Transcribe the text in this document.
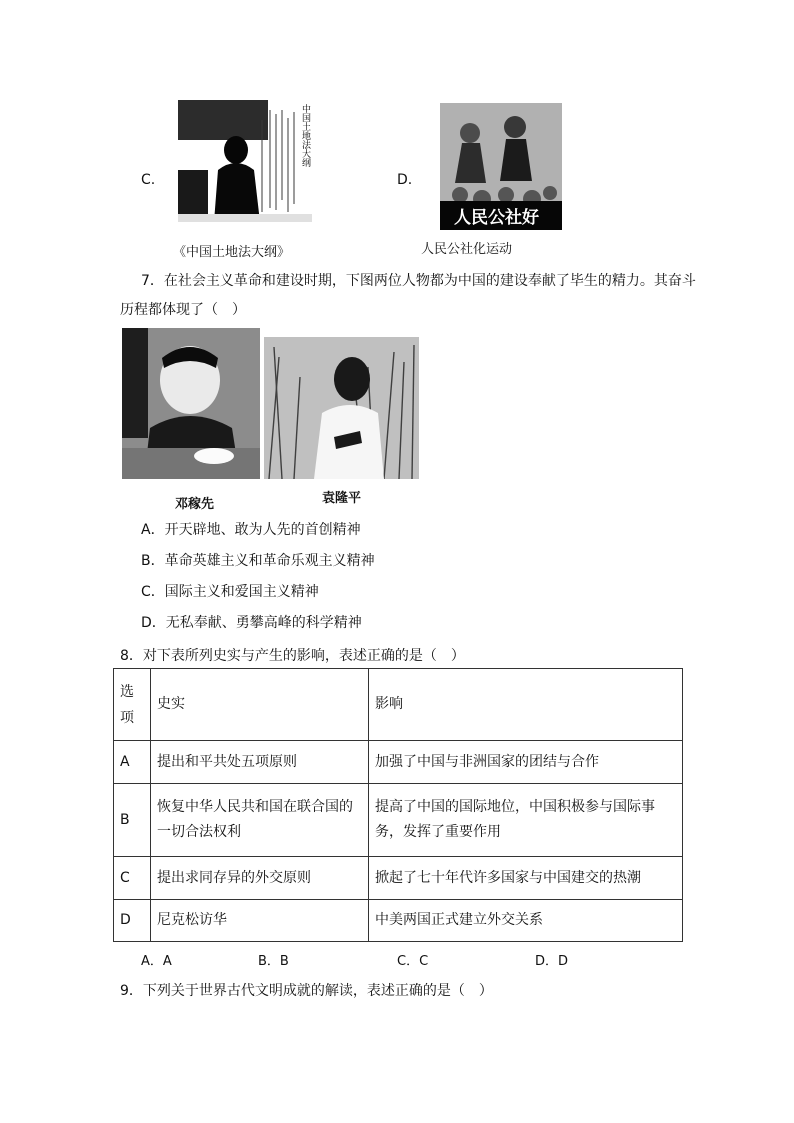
C.
中国土地法大纲
《中国土地法大纲》
D.
人民公社好
人民公社化运动
7．在社会主义革命和建设时期，下图两位人物都为中国的建设奉献了毕生的精力。其奋斗
历程都体现了（　）
邓稼先	袁隆平
A．开天辟地、敢为人先的首创精神
B．革命英雄主义和革命乐观主义精神
C．国际主义和爱国主义精神
D．无私奉献、勇攀高峰的科学精神
8．对下表所列史实与产生的影响，表述正确的是（　）
选项	史实	影响
A	提出和平共处五项原则	加强了中国与非洲国家的团结与合作
B	恢复中华人民共和国在联合国的一切合法权利	提高了中国的国际地位，中国积极参与国际事务，发挥了重要作用
C	提出求同存异的外交原则	掀起了七十年代许多国家与中国建交的热潮
D	尼克松访华	中美两国正式建立外交关系
A．A	B．B	C．C	D．D
9．下列关于世界古代文明成就的解读，表述正确的是（　）
